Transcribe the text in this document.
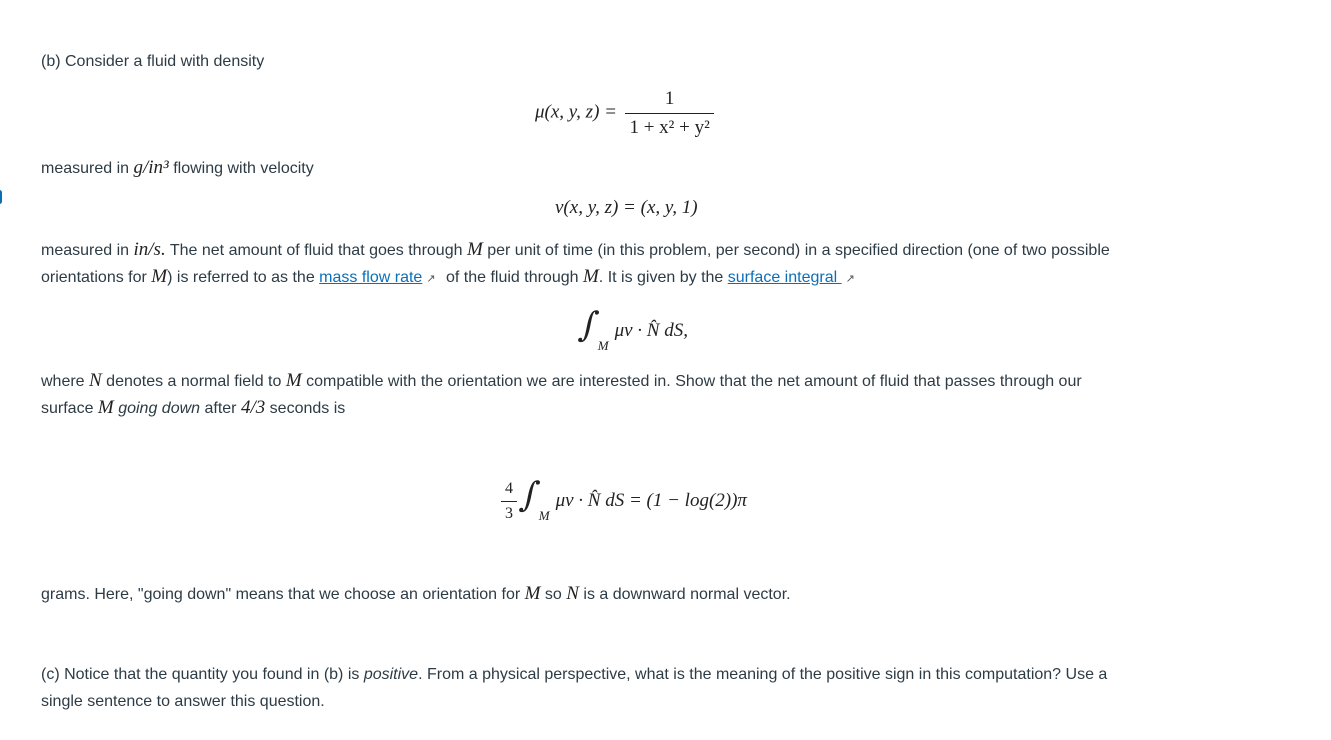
(b) Consider a fluid with density
μ(x, y, $z) = \frac{1}{\text{1 + x² + y²}}$
measured in g/in³ flowing with velocity
v(x, y, z) = (x, y, 1)
measured in in/s. The net amount of fluid that goes through M per unit of time (in this problem, per second) in a specified direction (one of two possible
orientations for M) is referred to as the mass flow rate ↗ of the fluid through M. It is given by the surface integral ↗
$\int_M\mu v$ · N̂ dS,
where N denotes a normal field to M compatible with the orientation we are interested in. Show that the net amount of fluid that passes through our
surface M going down after 4/3 seconds is
$\frac{4}{3} \int_M\mu v$ · N̂ dS = (1 − log(2))π
grams. Here, "going down" means that we choose an orientation for M so N is a downward normal vector.
(c) Notice that the quantity you found in (b) is positive. From a physical perspective, what is the meaning of the positive sign in this computation? Use a
single sentence to answer this question.
